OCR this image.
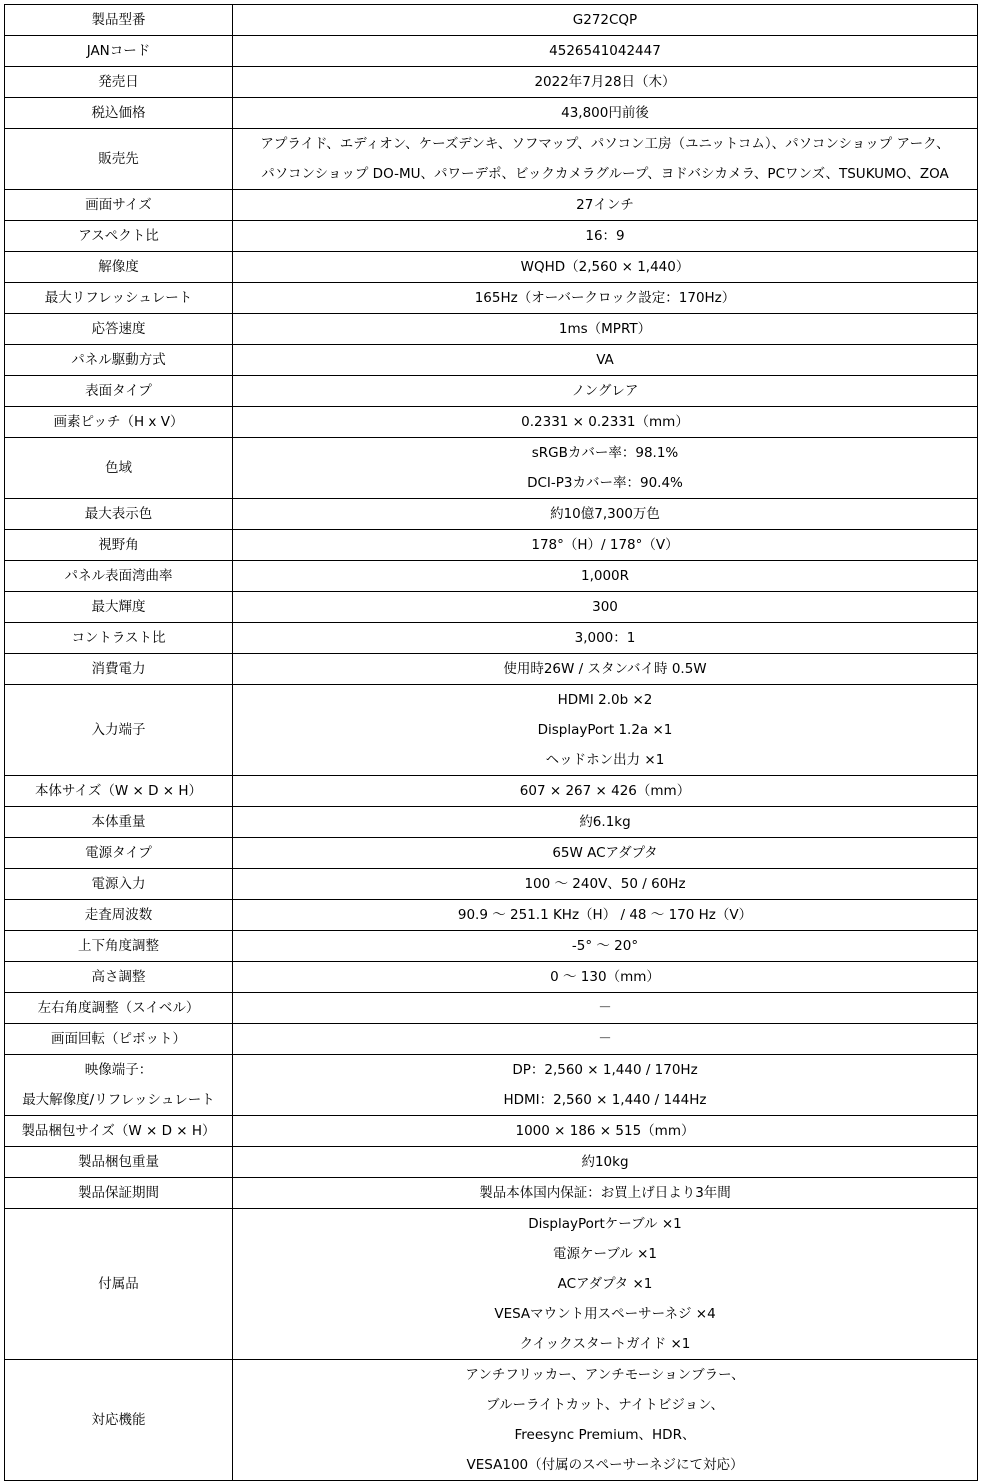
製品型番	G272CQP

JANコード	4526541042447

発売日	2022年7月28日（木）

税込価格	43,800円前後

販売先	アプライド、エディオン、ケーズデンキ、ソフマップ、パソコン工房（ユニットコム）、パソコンショップ アーク、
パソコンショップ DO-MU、パワーデポ、ビックカメラグループ、ヨドバシカメラ、PCワンズ、TSUKUMO、ZOA

画面サイズ	27インチ

アスペクト比	16：9

解像度	WQHD（2,560 × 1,440）

最大リフレッシュレート	165Hz（オーバークロック設定：170Hz）

応答速度	1ms（MPRT）

パネル駆動方式	VA

表面タイプ	ノングレア

画素ピッチ（H x V）	0.2331 × 0.2331（mm）

色域	sRGBカバー率：98.1%
DCI-P3カバー率：90.4%

最大表示色	約10億7,300万色

視野角	178°（H）/ 178°（V）

パネル表面湾曲率	1,000R

最大輝度	300

コントラスト比	3,000：1

消費電力	使用時26W / スタンバイ時 0.5W

入力端子	HDMI 2.0b ×2
DisplayPort 1.2a ×1
ヘッドホン出力 ×1

本体サイズ（W × D × H）	607 × 267 × 426（mm）

本体重量	約6.1kg

電源タイプ	65W ACアダプタ

電源入力	100 ～ 240V、50 / 60Hz

走査周波数	90.9 ～ 251.1 KHz（H） / 48 ～ 170 Hz（V）

上下角度調整	-5° ～ 20°

高さ調整	0 ～ 130（mm）

左右角度調整（スイベル）	－

画面回転（ピボット）	－

映像端子：
最大解像度/リフレッシュレート	DP：2,560 × 1,440 / 170Hz
HDMI：2,560 × 1,440 / 144Hz

製品梱包サイズ（W × D × H）	1000 × 186 × 515（mm）

製品梱包重量	約10kg

製品保証期間	製品本体国内保証：お買上げ日より3年間

付属品	DisplayPortケーブル ×1
電源ケーブル ×1
ACアダプタ ×1
VESAマウント用スペーサーネジ ×4
クイックスタートガイド ×1

対応機能	アンチフリッカー、アンチモーションブラー、
ブルーライトカット、ナイトビジョン、
Freesync Premium、HDR、
VESA100（付属のスペーサーネジにて対応）
